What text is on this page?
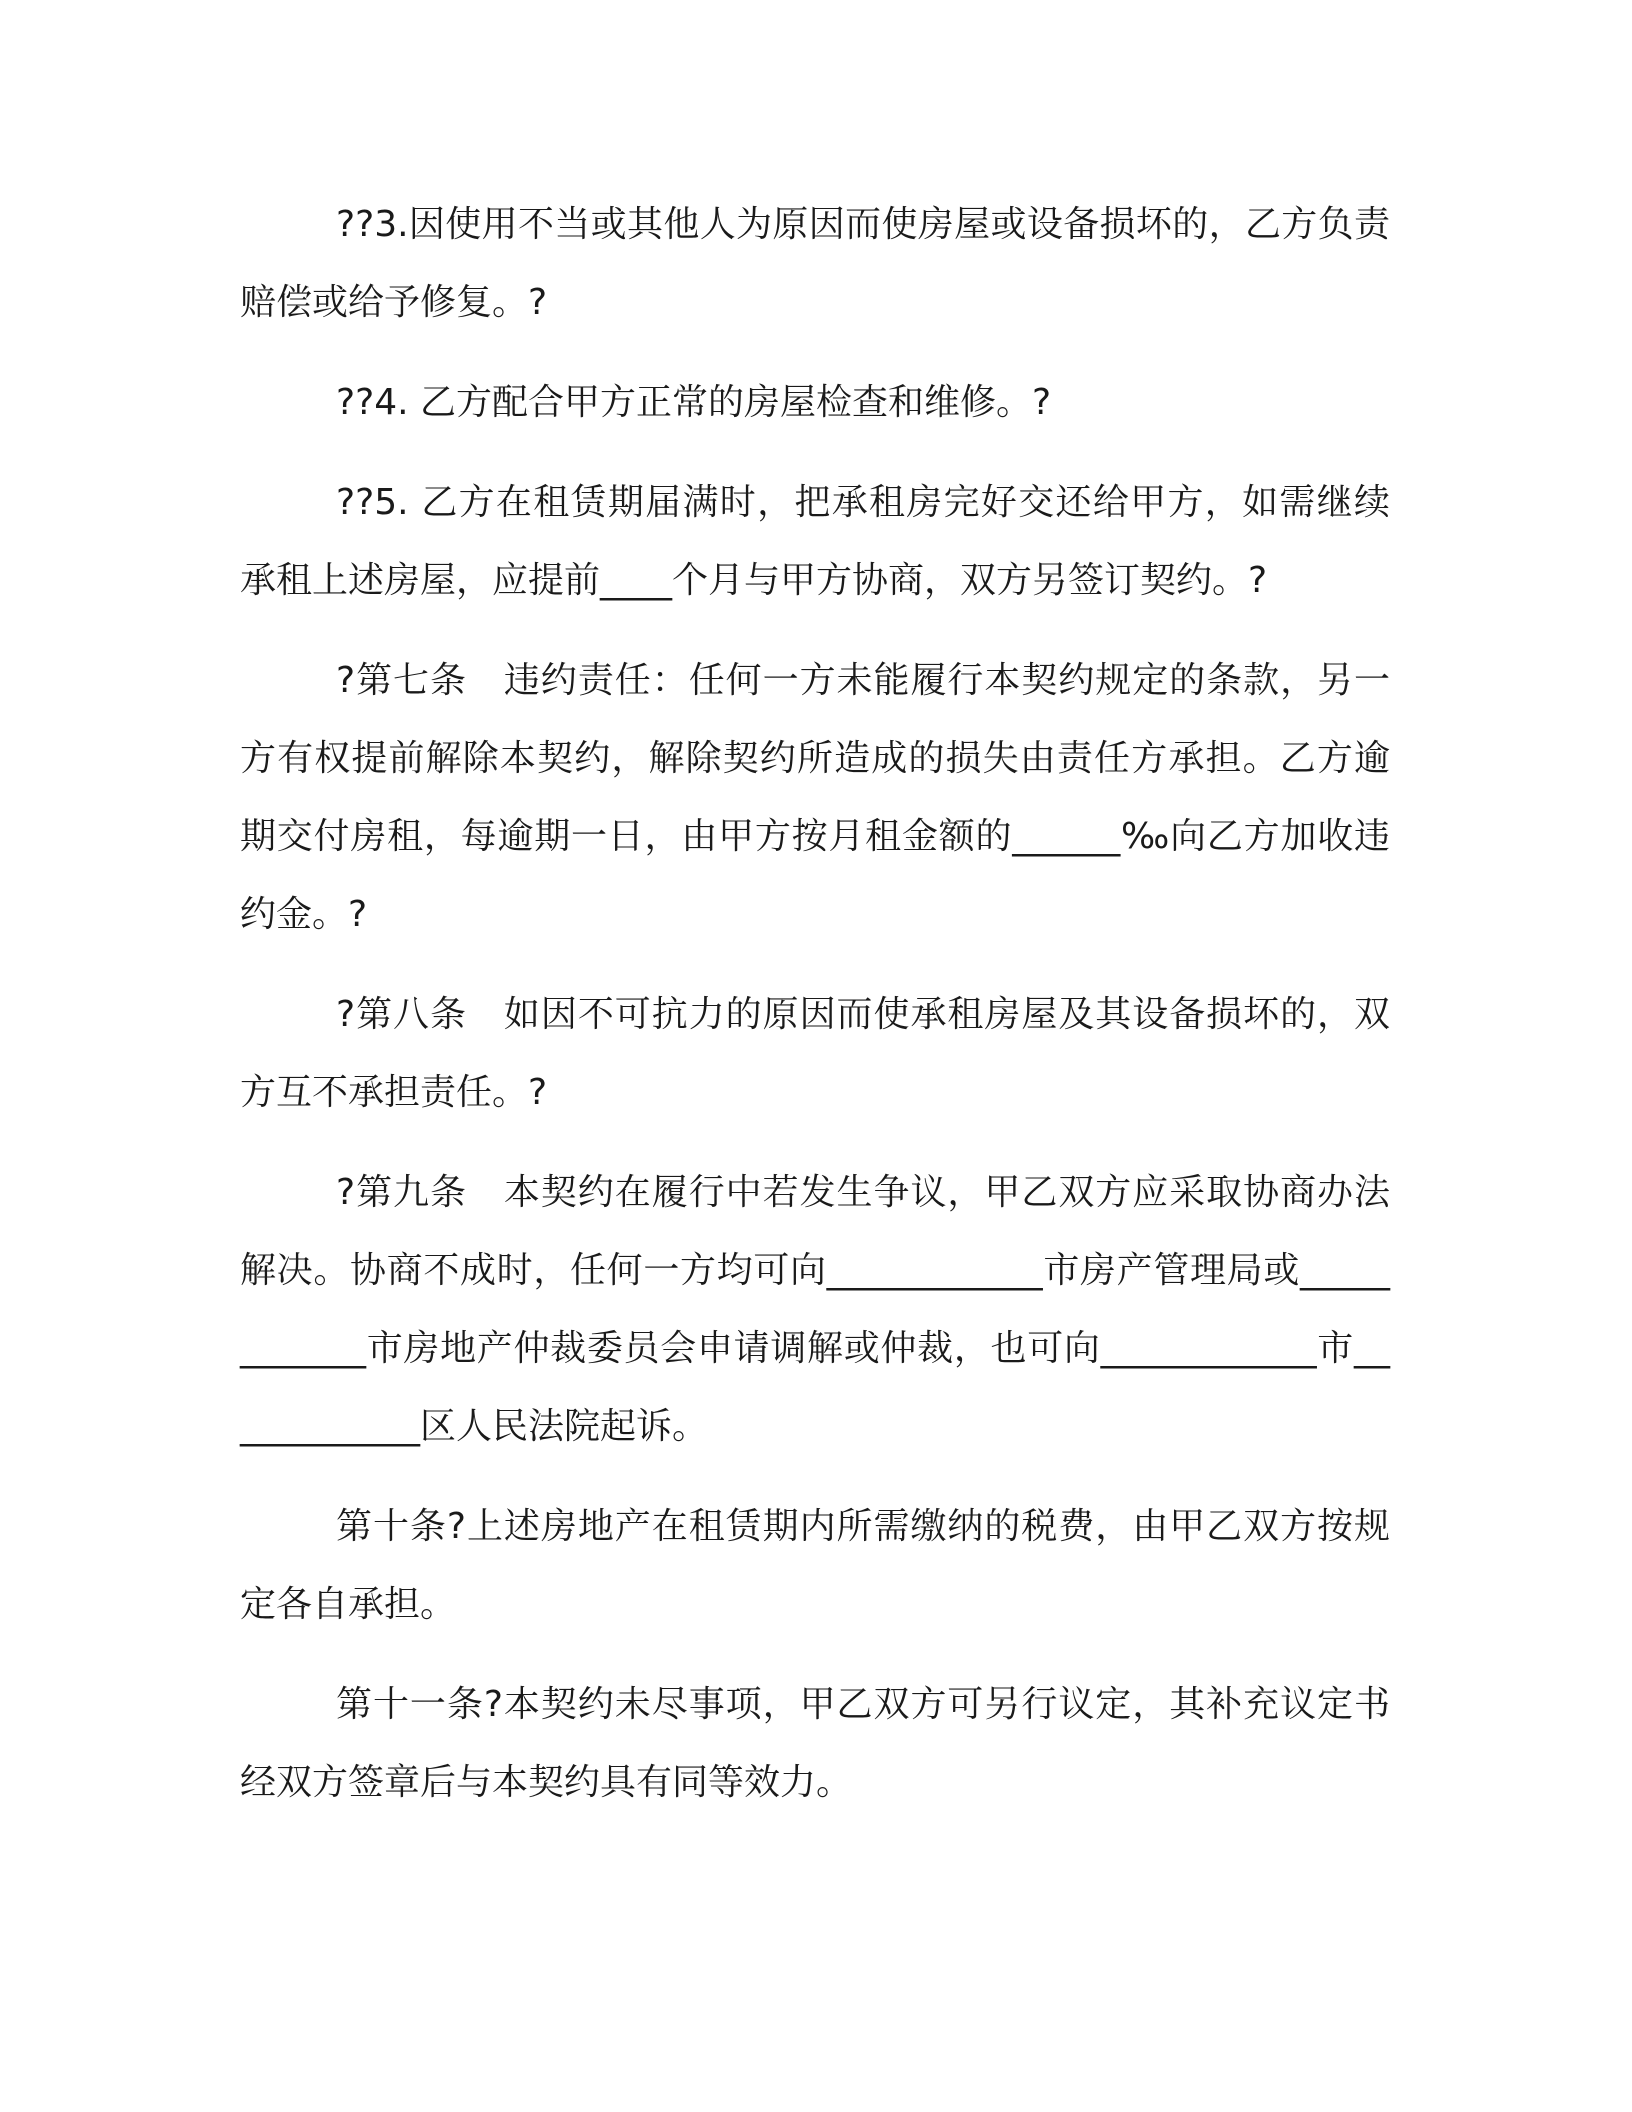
??3.因使用不当或其他人为原因而使房屋或设备损坏的，乙方负责赔偿或给予修复。?

??4. 乙方配合甲方正常的房屋检查和维修。?

??5. 乙方在租赁期届满时，把承租房完好交还给甲方，如需继续承租上述房屋，应提前____个月与甲方协商，双方另签订契约。?

?第七条　违约责任：任何一方未能履行本契约规定的条款，另一方有权提前解除本契约，解除契约所造成的损失由责任方承担。乙方逾期交付房租，每逾期一日，由甲方按月租金额的______‰向乙方加收违约金。?

?第八条　如因不可抗力的原因而使承租房屋及其设备损坏的，双方互不承担责任。?

?第九条　本契约在履行中若发生争议，甲乙双方应采取协商办法解决。协商不成时，任何一方均可向____________市房产管理局或____________市房地产仲裁委员会申请调解或仲裁，也可向____________市____________区人民法院起诉。

第十条?上述房地产在租赁期内所需缴纳的税费，由甲乙双方按规定各自承担。

第十一条?本契约未尽事项，甲乙双方可另行议定，其补充议定书经双方签章后与本契约具有同等效力。
